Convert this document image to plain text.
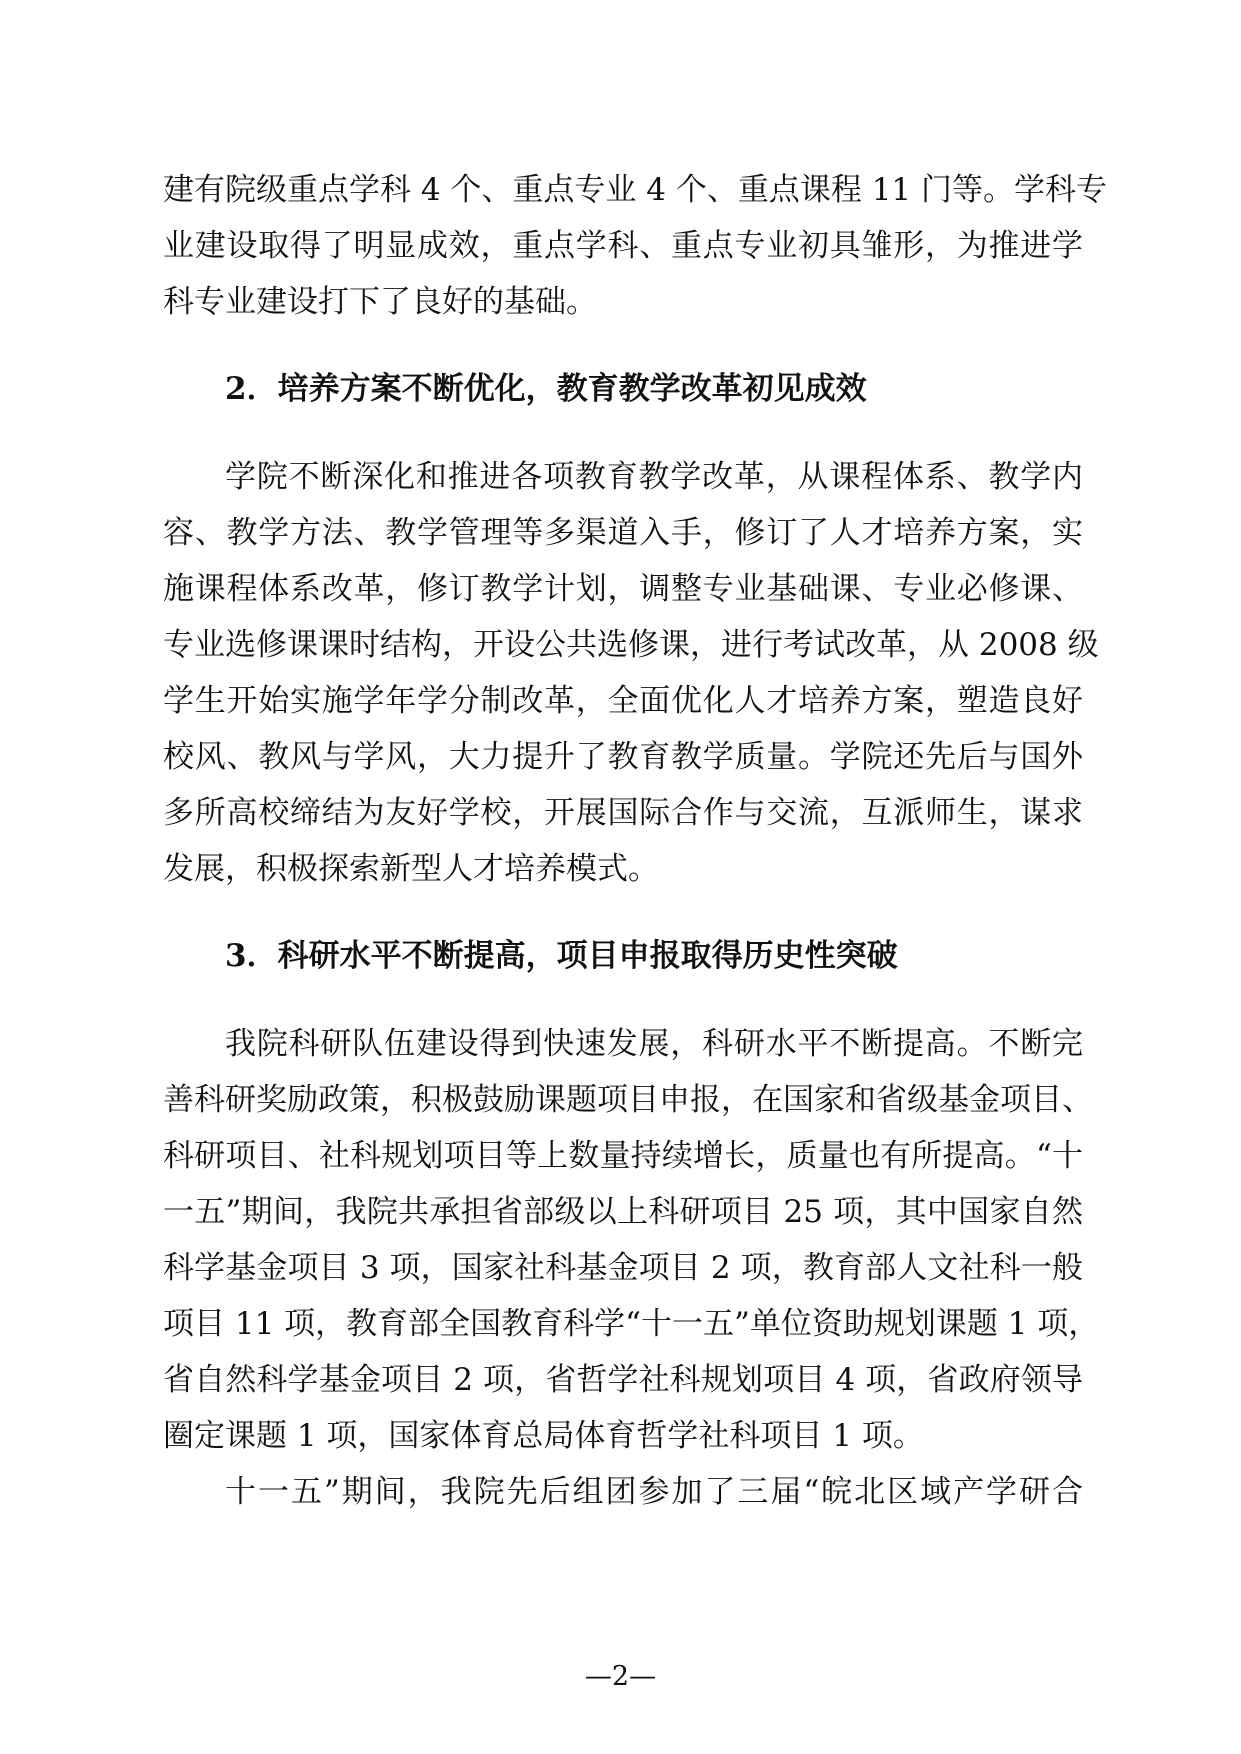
建有院级重点学科 4 个、重点专业 4 个、重点课程 11 门等。学科专
业建设取得了明显成效，重点学科、重点专业初具雏形，为推进学
科专业建设打下了良好的基础。
2．培养方案不断优化，教育教学改革初见成效
学院不断深化和推进各项教育教学改革，从课程体系、教学内
容、教学方法、教学管理等多渠道入手，修订了人才培养方案，实
施课程体系改革，修订教学计划，调整专业基础课、专业必修课、
专业选修课课时结构，开设公共选修课，进行考试改革，从 2008 级
学生开始实施学年学分制改革，全面优化人才培养方案，塑造良好
校风、教风与学风，大力提升了教育教学质量。学院还先后与国外
多所高校缔结为友好学校，开展国际合作与交流，互派师生，谋求
发展，积极探索新型人才培养模式。
3．科研水平不断提高，项目申报取得历史性突破
我院科研队伍建设得到快速发展，科研水平不断提高。不断完
善科研奖励政策，积极鼓励课题项目申报，在国家和省级基金项目、
科研项目、社科规划项目等上数量持续增长，质量也有所提高。“十
一五”期间，我院共承担省部级以上科研项目 25 项，其中国家自然
科学基金项目 3 项，国家社科基金项目 2 项，教育部人文社科一般
项目 11 项，教育部全国教育科学“十一五”单位资助规划课题 1 项，
省自然科学基金项目 2 项，省哲学社科规划项目 4 项，省政府领导
圈定课题 1 项，国家体育总局体育哲学社科项目 1 项。
十一五”期间，我院先后组团参加了三届“皖北区域产学研合
—2—
